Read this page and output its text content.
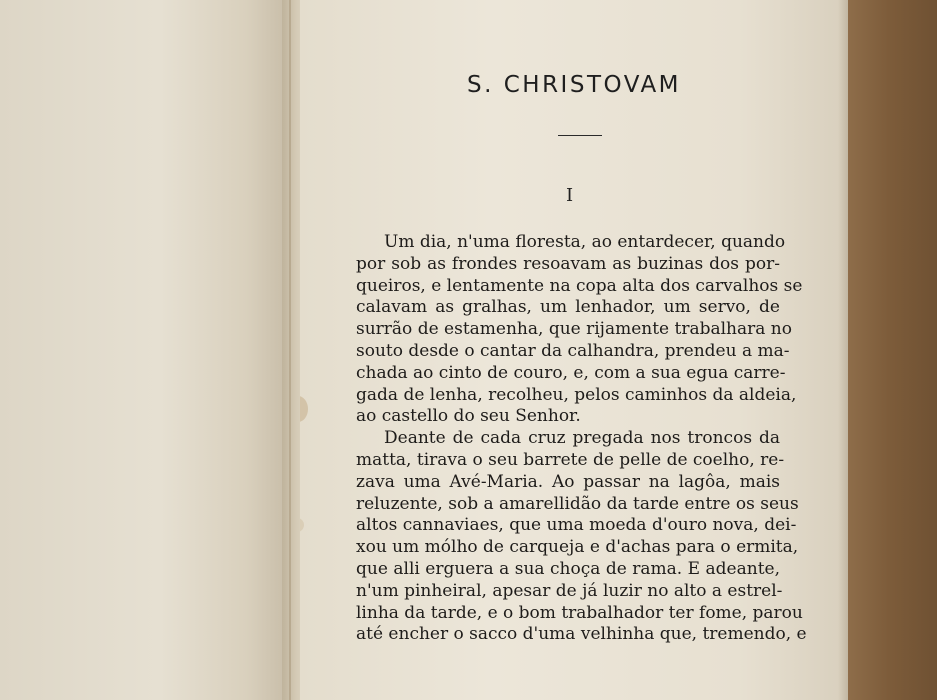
S. CHRISTOVAM
I
Um dia, n'uma floresta, ao entardecer, quando
por sob as frondes resoavam as buzinas dos por-
queiros, e lentamente na copa alta dos carvalhos se
calavam as gralhas, um lenhador, um servo, de
surrão de estamenha, que rijamente trabalhara no
souto desde o cantar da calhandra, prendeu a ma-
chada ao cinto de couro, e, com a sua egua carre-
gada de lenha, recolheu, pelos caminhos da aldeia,
ao castello do seu Senhor.
Deante de cada cruz pregada nos troncos da
matta, tirava o seu barrete de pelle de coelho, re-
zava uma Avé-Maria. Ao passar na lagôa, mais
reluzente, sob a amarellidão da tarde entre os seus
altos cannaviaes, que uma moeda d'ouro nova, dei-
xou um mólho de carqueja e d'achas para o ermita,
que alli erguera a sua choça de rama. E adeante,
n'um pinheiral, apesar de já luzir no alto a estrel-
linha da tarde, e o bom trabalhador ter fome, parou
até encher o sacco d'uma velhinha que, tremendo, e
